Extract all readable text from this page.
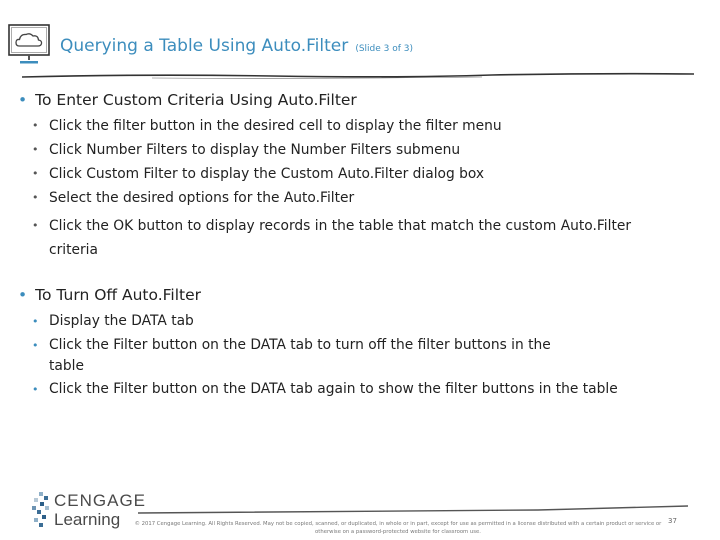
Querying a Table Using Auto.Filter (Slide 3 of 3)
• To Enter Custom Criteria Using Auto.Filter
• Click the filter button in the desired cell to display the filter menu
• Click Number Filters to display the Number Filters submenu
• Click Custom Filter to display the Custom Auto.Filter dialog box
• Select the desired options for the Auto.Filter
• Click the OK button to display records in the table that match the custom Auto.Filter criteria
• To Turn Off Auto.Filter
• Display the DATA tab
• Click the Filter button on the DATA tab to turn off the filter buttons in the table
• Click the Filter button on the DATA tab again to show the filter buttons in the table
CENGAGE
Learning	© 2017 Cengage Learning. All Rights Reserved. May not be copied, scanned, or duplicated, in whole or in part, except for use as permitted in a license distributed with a certain product or service or otherwise on a password-protected website for classroom use.
37
